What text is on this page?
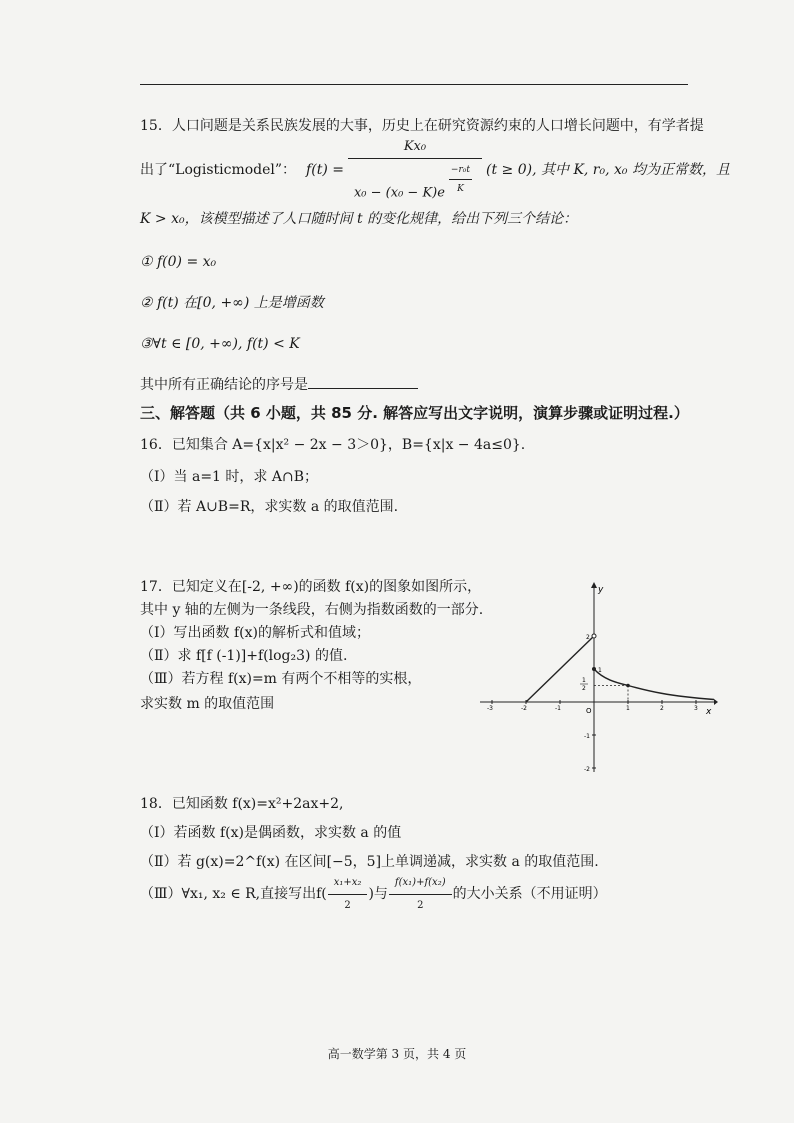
15．人口问题是关系民族发展的大事，历史上在研究资源约束的人口增长问题中，有学者提
出了“Logisticmodel”： $f(t) = \frac{\text{Kx₀}}{x_0 - (x_0 - K)e \frac{\text{−r₀t}}{K}} (t \ge 0)$, 其中 K, r₀, x₀ 均为正常数，且
K > x₀，该模型描述了人口随时间 t 的变化规律，给出下列三个结论：
① f(0) = x₀
② f(t) 在[0, +∞) 上是增函数
③∀t ∈ [0, +∞), f(t) < K
其中所有正确结论的序号是
三、解答题（共 6 小题，共 85 分. 解答应写出文字说明，演算步骤或证明过程.）
16．已知集合 A={x|x² − 2x − 3＞0}，B={x|x − 4a≤0}.
（Ⅰ）当 a=1 时，求 A∩B；
（Ⅱ）若 A∪B=R，求实数 a 的取值范围.
17．已知定义在[-2, +∞)的函数 f(x)的图象如图所示，
其中 y 轴的左侧为一条线段，右侧为指数函数的一部分.
（Ⅰ）写出函数 f(x)的解析式和值域；
（Ⅱ）求 f[f (-1)]+f(log₂3) 的值.
（Ⅲ）若方程 f(x)=m 有两个不相等的实根，
求实数 m 的取值范围	x
y
O
-3	-2	-1	1	2	3
2
1
-1
-2
1
2
18．已知函数 f(x)=x²+2ax+2,
（Ⅰ）若函数 f(x)是偶函数，求实数 a 的值
（Ⅱ）若 g(x)=2^f(x) 在区间[−5，5]上单调递减，求实数 a 的取值范围.
（Ⅲ）∀x₁, x₂ ∈ R,直接写出$f( \frac{\text{x₁+x₂}}{2}$ )与 $\frac{\text{f(x₁)+f(x₂)}}{2}$ 的大小关系（不用证明）
高一数学第 3 页，共 4 页
